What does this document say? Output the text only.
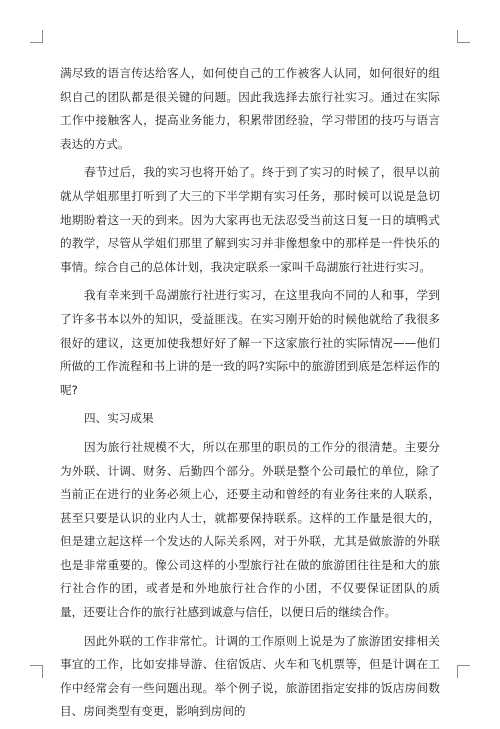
满尽致的语言传达给客人，如何使自己的工作被客人认同，如何很好的组织自己的团队都是很关键的问题。因此我选择去旅行社实习。通过在实际工作中接触客人，提高业务能力，积累带团经验，学习带团的技巧与语言表达的方式。

春节过后，我的实习也将开始了。终于到了实习的时候了，很早以前就从学姐那里打听到了大三的下半学期有实习任务，那时候可以说是急切地期盼着这一天的到来。因为大家再也无法忍受当前这日复一日的填鸭式的教学，尽管从学姐们那里了解到实习并非像想象中的那样是一件快乐的事情。综合自己的总体计划，我决定联系一家叫千岛湖旅行社进行实习。

我有幸来到千岛湖旅行社进行实习，在这里我向不同的人和事，学到了许多书本以外的知识，受益匪浅。在实习刚开始的时候他就给了我很多很好的建议，这更加使我想好好了解一下这家旅行社的实际情况——他们所做的工作流程和书上讲的是一致的吗?实际中的旅游团到底是怎样运作的呢?

四、实习成果

因为旅行社规模不大，所以在那里的职员的工作分的很清楚。主要分为外联、计调、财务、后勤四个部分。外联是整个公司最忙的单位，除了当前正在进行的业务必须上心，还要主动和曾经的有业务往来的人联系，甚至只要是认识的业内人士，就都要保持联系。这样的工作量是很大的，但是建立起这样一个发达的人际关系网，对于外联，尤其是做旅游的外联也是非常重要的。像公司这样的小型旅行社在做的旅游团往往是和大的旅行社合作的团，或者是和外地旅行社合作的小团，不仅要保证团队的质量，还要让合作的旅行社感到诚意与信任，以便日后的继续合作。

因此外联的工作非常忙。计调的工作原则上说是为了旅游团安排相关事宜的工作，比如安排导游、住宿饭店、火车和飞机票等，但是计调在工作中经常会有一些问题出现。举个例子说，旅游团指定安排的饭店房间数目、房间类型有变更，影响到房间的
